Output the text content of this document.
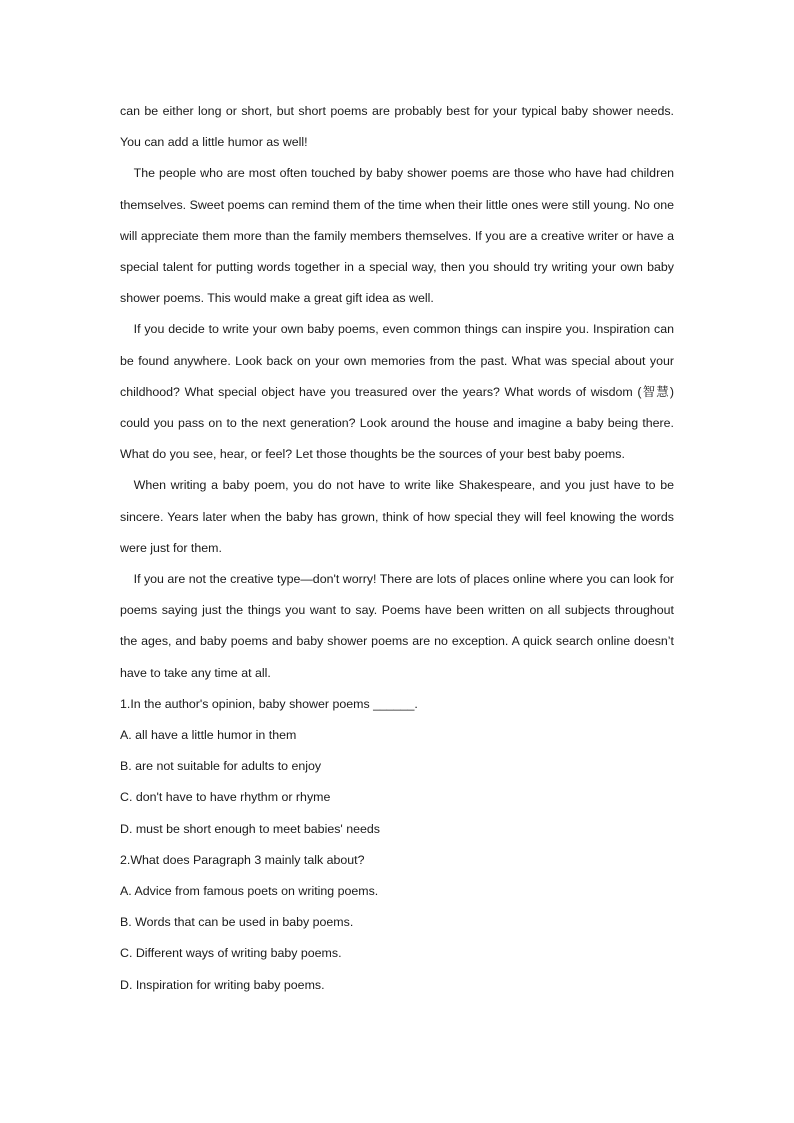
can be either long or short, but short poems are probably best for your typical baby shower needs. You can add a little humor as well!

The people who are most often touched by baby shower poems are those who have had children themselves. Sweet poems can remind them of the time when their little ones were still young. No one will appreciate them more than the family members themselves. If you are a creative writer or have a special talent for putting words together in a special way, then you should try writing your own baby shower poems. This would make a great gift idea as well.

If you decide to write your own baby poems, even common things can inspire you. Inspiration can be found anywhere. Look back on your own memories from the past. What was special about your childhood? What special object have you treasured over the years? What words of wisdom (智慧) could you pass on to the next generation? Look around the house and imagine a baby being there. What do you see, hear, or feel? Let those thoughts be the sources of your best baby poems.

When writing a baby poem, you do not have to write like Shakespeare, and you just have to be sincere. Years later when the baby has grown, think of how special they will feel knowing the words were just for them.

If you are not the creative type—don't worry! There are lots of places online where you can look for poems saying just the things you want to say. Poems have been written on all subjects throughout the ages, and baby poems and baby shower poems are no exception. A quick search online doesn’t have to take any time at all.

1.In the author's opinion, baby shower poems ______.

A. all have a little humor in them

B. are not suitable for adults to enjoy

C. don't have to have rhythm or rhyme

D. must be short enough to meet babies' needs

2.What does Paragraph 3 mainly talk about?

A. Advice from famous poets on writing poems.

B. Words that can be used in baby poems.

C. Different ways of writing baby poems.

D. Inspiration for writing baby poems.
